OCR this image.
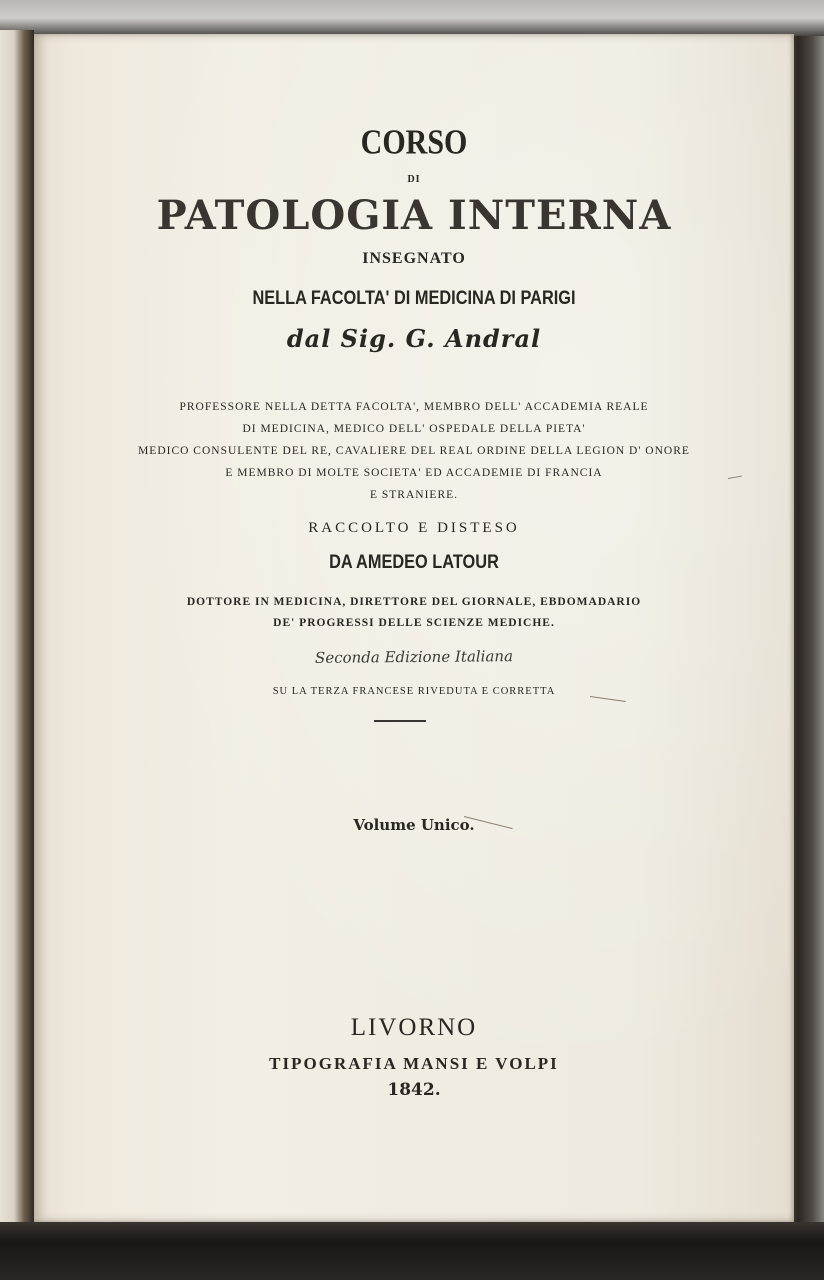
CORSO
DI
PATOLOGIA INTERNA
INSEGNATO
NELLA FACOLTA' DI MEDICINA DI PARIGI
dal Sig. G. Andral
PROFESSORE NELLA DETTA FACOLTA', MEMBRO DELL' ACCADEMIA REALE
DI MEDICINA, MEDICO DELL' OSPEDALE DELLA PIETA'
MEDICO CONSULENTE DEL RE, CAVALIERE DEL REAL ORDINE DELLA LEGION D' ONORE
E MEMBRO DI MOLTE SOCIETA' ED ACCADEMIE DI FRANCIA
E STRANIERE.
RACCOLTO E DISTESO
DA AMEDEO LATOUR
DOTTORE IN MEDICINA, DIRETTORE DEL GIORNALE, EBDOMADARIO
DE' PROGRESSI DELLE SCIENZE MEDICHE.
Seconda Edizione Italiana
SU LA TERZA FRANCESE RIVEDUTA E CORRETTA
Volume Unico.
LIVORNO
TIPOGRAFIA MANSI E VOLPI
1842.
